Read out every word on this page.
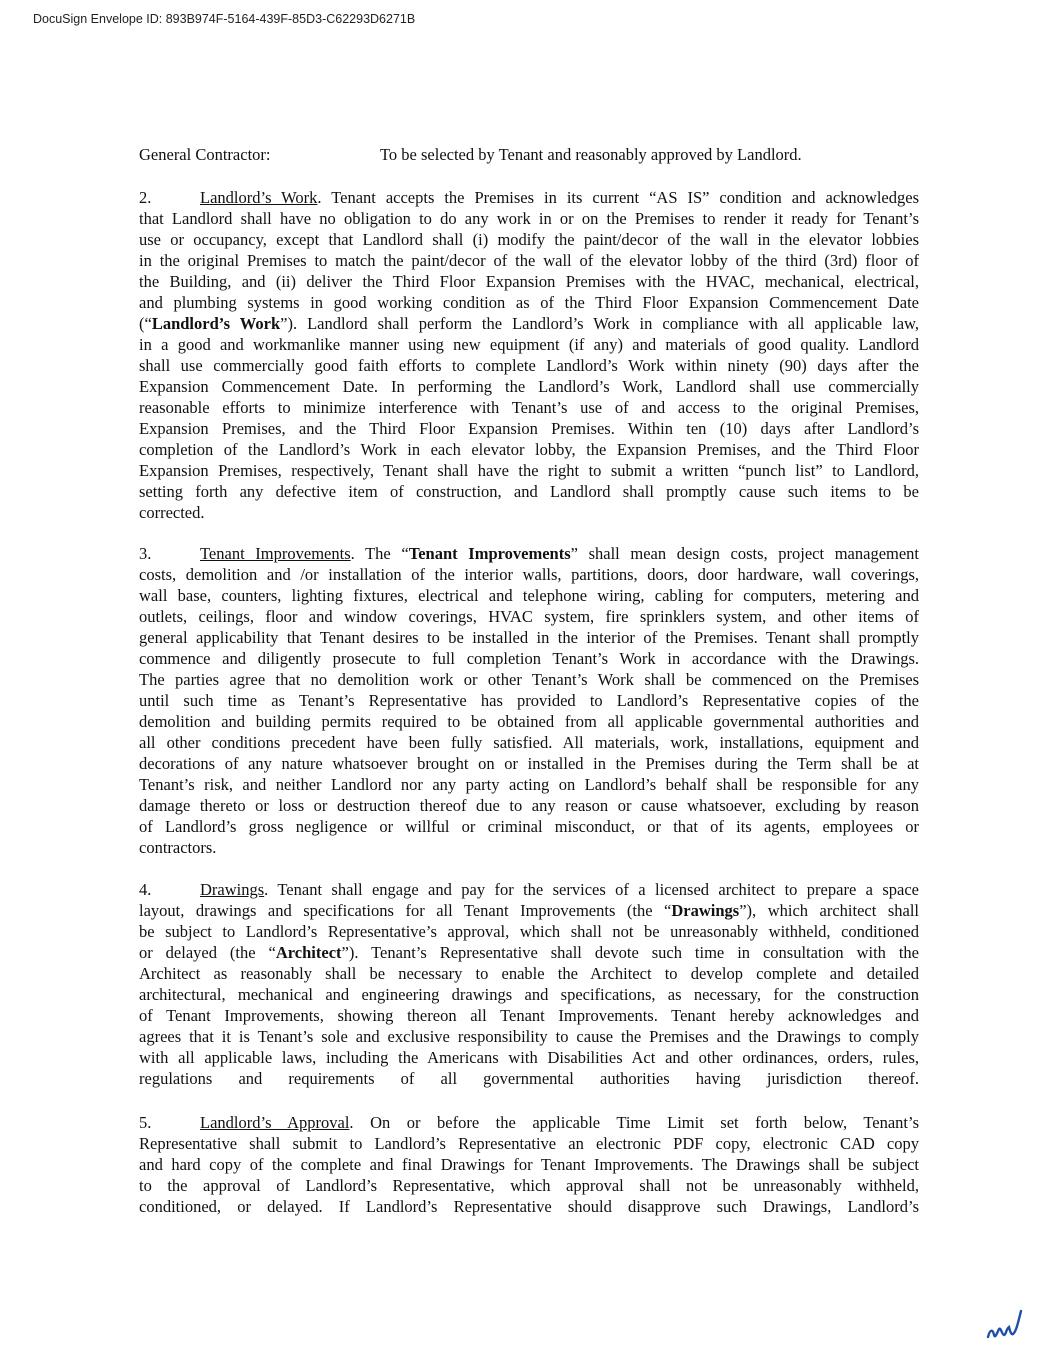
DocuSign Envelope ID: 893B974F-5164-439F-85D3-C62293D6271B
General Contractor:	To be selected by Tenant and reasonably approved by Landlord.
2.	Landlord’s Work. Tenant accepts the Premises in its current “AS IS” condition and acknowledges
that Landlord shall have no obligation to do any work in or on the Premises to render it ready for Tenant’s
use or occupancy, except that Landlord shall (i) modify the paint/decor of the wall in the elevator lobbies
in the original Premises to match the paint/decor of the wall of the elevator lobby of the third (3rd) floor of
the Building, and (ii) deliver the Third Floor Expansion Premises with the HVAC, mechanical, electrical,
and plumbing systems in good working condition as of the Third Floor Expansion Commencement Date
(“Landlord’s Work”). Landlord shall perform the Landlord’s Work in compliance with all applicable law,
in a good and workmanlike manner using new equipment (if any) and materials of good quality. Landlord
shall use commercially good faith efforts to complete Landlord’s Work within ninety (90) days after the
Expansion Commencement Date. In performing the Landlord’s Work, Landlord shall use commercially
reasonable efforts to minimize interference with Tenant’s use of and access to the original Premises,
Expansion Premises, and the Third Floor Expansion Premises. Within ten (10) days after Landlord’s
completion of the Landlord’s Work in each elevator lobby, the Expansion Premises, and the Third Floor
Expansion Premises, respectively, Tenant shall have the right to submit a written “punch list” to Landlord,
setting forth any defective item of construction, and Landlord shall promptly cause such items to be
corrected.
3.	Tenant Improvements. The “Tenant Improvements” shall mean design costs, project management
costs, demolition and /or installation of the interior walls, partitions, doors, door hardware, wall coverings,
wall base, counters, lighting fixtures, electrical and telephone wiring, cabling for computers, metering and
outlets, ceilings, floor and window coverings, HVAC system, fire sprinklers system, and other items of
general applicability that Tenant desires to be installed in the interior of the Premises. Tenant shall promptly
commence and diligently prosecute to full completion Tenant’s Work in accordance with the Drawings.
The parties agree that no demolition work or other Tenant’s Work shall be commenced on the Premises
until such time as Tenant’s Representative has provided to Landlord’s Representative copies of the
demolition and building permits required to be obtained from all applicable governmental authorities and
all other conditions precedent have been fully satisfied. All materials, work, installations, equipment and
decorations of any nature whatsoever brought on or installed in the Premises during the Term shall be at
Tenant’s risk, and neither Landlord nor any party acting on Landlord’s behalf shall be responsible for any
damage thereto or loss or destruction thereof due to any reason or cause whatsoever, excluding by reason
of Landlord’s gross negligence or willful or criminal misconduct, or that of its agents, employees or
contractors.
4.	Drawings. Tenant shall engage and pay for the services of a licensed architect to prepare a space
layout, drawings and specifications for all Tenant Improvements (the “Drawings”), which architect shall
be subject to Landlord’s Representative’s approval, which shall not be unreasonably withheld, conditioned
or delayed (the “Architect”). Tenant’s Representative shall devote such time in consultation with the
Architect as reasonably shall be necessary to enable the Architect to develop complete and detailed
architectural, mechanical and engineering drawings and specifications, as necessary, for the construction
of Tenant Improvements, showing thereon all Tenant Improvements. Tenant hereby acknowledges and
agrees that it is Tenant’s sole and exclusive responsibility to cause the Premises and the Drawings to comply
with all applicable laws, including the Americans with Disabilities Act and other ordinances, orders, rules,
regulations and requirements of all governmental authorities having jurisdiction thereof.
5.	Landlord’s Approval. On or before the applicable Time Limit set forth below, Tenant’s
Representative shall submit to Landlord’s Representative an electronic PDF copy, electronic CAD copy
and hard copy of the complete and final Drawings for Tenant Improvements. The Drawings shall be subject
to the approval of Landlord’s Representative, which approval shall not be unreasonably withheld,
conditioned, or delayed. If Landlord’s Representative should disapprove such Drawings, Landlord’s
